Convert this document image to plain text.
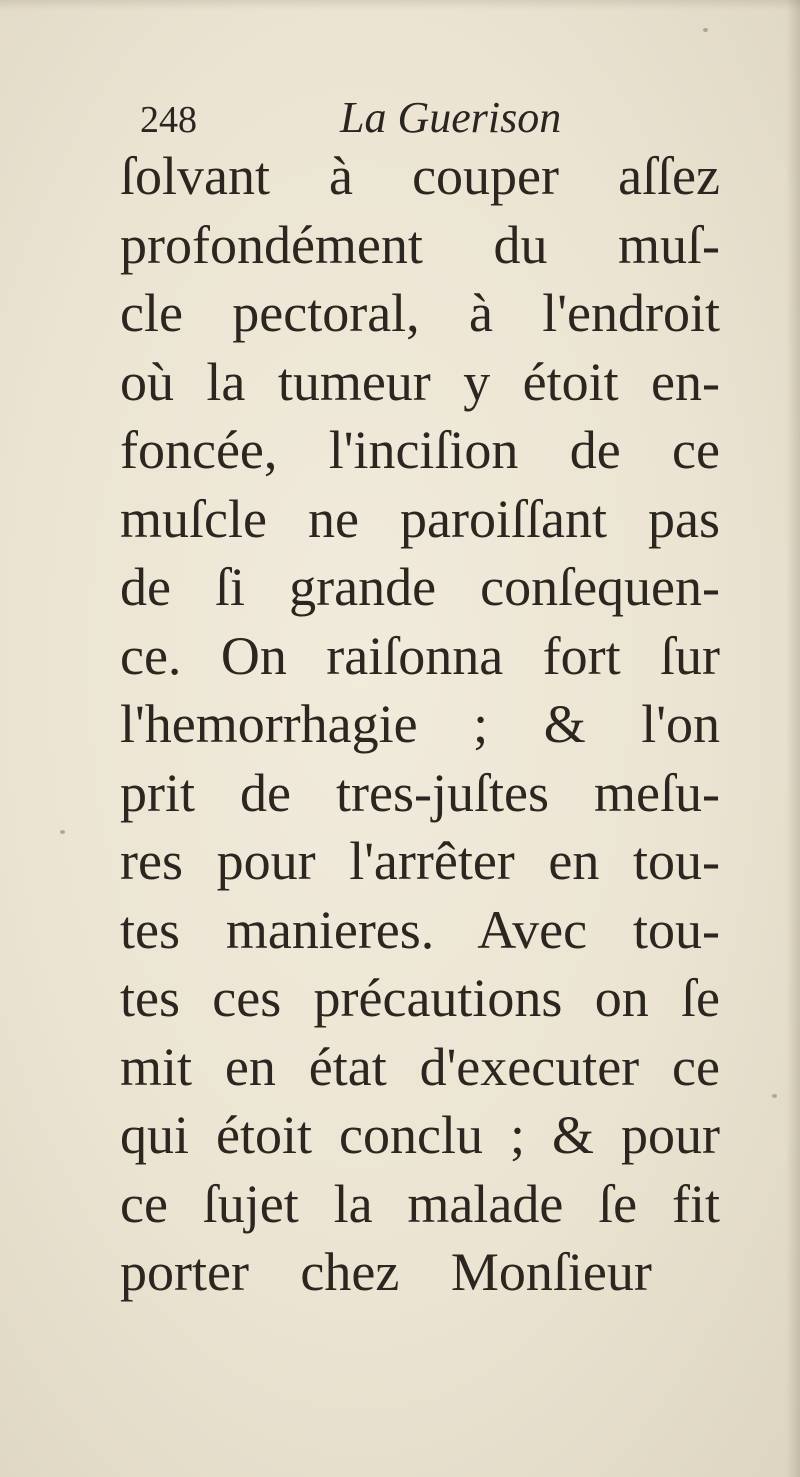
248	La Guerison
ſolvant à couper aſſez
profondément du muſ-
cle pectoral, à l'endroit
où la tumeur y étoit en-
foncée, l'inciſion de ce
muſcle ne paroiſſant pas
de ſi grande conſequen-
ce. On raiſonna fort ſur
l'hemorrhagie ; & l'on
prit de tres-juſtes meſu-
res pour l'arrêter en tou-
tes manieres. Avec tou-
tes ces précautions on ſe
mit en état d'executer ce
qui étoit conclu ; & pour
ce ſujet la malade ſe fit
porter chez Monſieur
